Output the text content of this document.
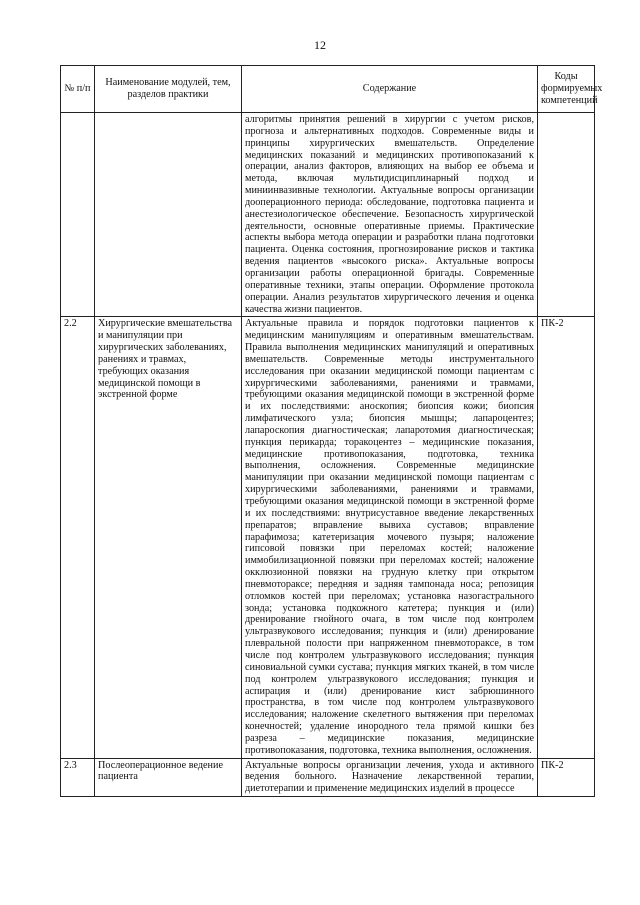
12
№ п/п	Наименование модулей, тем, разделов практики	Содержание	Коды формируемых компетенций

		алгоритмы принятия решений в хирургии с учетом рисков, прогноза и альтернативных подходов. Современные виды и принципы хирургических вмешательств. Определение медицинских показаний и медицинских противопоказаний к операции, анализ факторов, влияющих на выбор ее объема и метода, включая мультидисциплинарный подход и миниинвазивные технологии. Актуальные вопросы организации дооперационного периода: обследование, подготовка пациента и анестезиологическое обеспечение. Безопасность хирургической деятельности, основные оперативные приемы. Практические аспекты выбора метода операции и разработки плана подготовки пациента. Оценка состояния, прогнозирование рисков и тактика ведения пациентов «высокого риска». Актуальные вопросы организации работы операционной бригады. Современные оперативные техники, этапы операции. Оформление протокола операции. Анализ результатов хирургического лечения и оценка качества жизни пациентов.	

2.2	Хирургические вмешательства и манипуляции при хирургических заболеваниях, ранениях и травмах, требующих оказания медицинской помощи в экстренной форме	Актуальные правила и порядок подготовки пациентов к медицинским манипуляциям и оперативным вмешательствам. Правила выполнения медицинских манипуляций и оперативных вмешательств. Современные методы инструментального исследования при оказании медицинской помощи пациентам с хирургическими заболеваниями, ранениями и травмами, требующими оказания медицинской помощи в экстренной форме и их последствиями: аноскопия; биопсия кожи; биопсия лимфатического узла; биопсия мышцы; лапароцентез; лапароскопия диагностическая; лапаротомия диагностическая; пункция перикарда; торакоцентез – медицинские показания, медицинские противопоказания, подготовка, техника выполнения, осложнения. Современные медицинские манипуляции при оказании медицинской помощи пациентам с хирургическими заболеваниями, ранениями и травмами, требующими оказания медицинской помощи в экстренной форме и их последствиями: внутрисуставное введение лекарственных препаратов; вправление вывиха суставов; вправление парафимоза; катетеризация мочевого пузыря; наложение гипсовой повязки при переломах костей; наложение иммобилизационной повязки при переломах костей; наложение окклюзионной повязки на грудную клетку при открытом пневмотораксе; передняя и задняя тампонада носа; репозиция отломков костей при переломах; установка назогастрального зонда; установка подкожного катетера; пункция и (или) дренирование гнойного очага, в том числе под контролем ультразвукового исследования; пункция и (или) дренирование плевральной полости при напряженном пневмотораксе, в том числе под контролем ультразвукового исследования; пункция синовиальной сумки сустава; пункция мягких тканей, в том числе под контролем ультразвукового исследования; пункция и аспирация и (или) дренирование кист забрюшинного пространства, в том числе под контролем ультразвукового исследования; наложение скелетного вытяжения при переломах конечностей; удаление инородного тела прямой кишки без разреза – медицинские показания, медицинские противопоказания, подготовка, техника выполнения, осложнения.	ПК-2
2.3	Послеоперационное ведение пациента	Актуальные вопросы организации лечения, ухода и активного ведения больного. Назначение лекарственной терапии, диетотерапии и применение медицинских изделий в процессе	ПК-2
